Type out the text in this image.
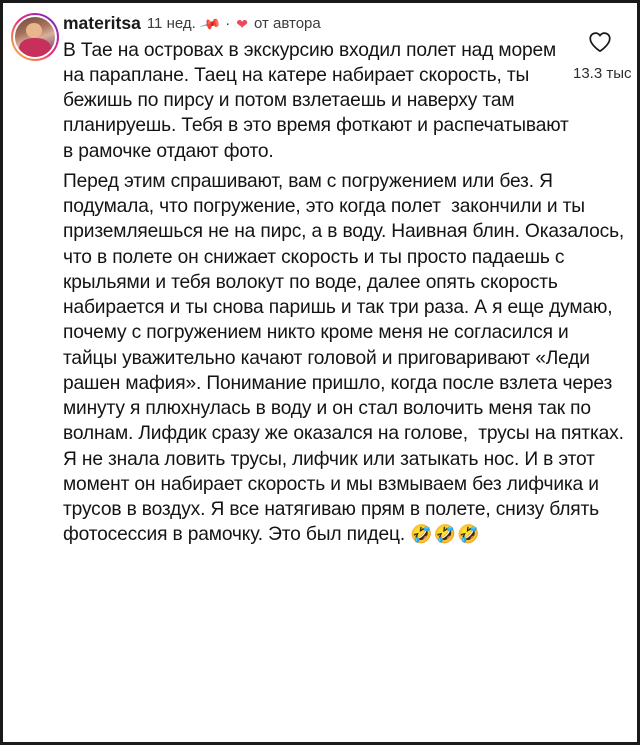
materitsa 11 нед. 📌 · ❤ от автора
В Тае на островах в экскурсию входил полет над морем на параплане. Таец на катере набирает скорость, ты бежишь по пирсу и потом взлетаешь и наверху там планируешь. Тебя в это время фоткают и распечатывают в рамочке отдают фото.
Перед этим спрашивают, вам с погружением или без. Я подумала, что погружение, это когда полет  закончили и ты приземляешься не на пирс, а в воду. Наивная блин. Оказалось, что в полете он снижает скорость и ты просто падаешь с крыльями и тебя волокут по воде, далее опять скорость набирается и ты снова паришь и так три раза. А я еще думаю, почему с погружением никто кроме меня не согласился и тайцы уважительно качают головой и приговаривают «Леди рашен мафия». Понимание пришло, когда после взлета через минуту я плюхнулась в воду и он стал волочить меня так по волнам. Лифдик сразу же оказался на голове,  трусы на пятках. Я не знала ловить трусы, лифчик или затыкать нос. И в этот момент он набирает скорость и мы взмываем без лифчика и трусов в воздух. Я все натягиваю прям в полете, снизу блять фотосессия в рамочку. Это был пидец. 🤣🤣🤣
13.3 тыс
